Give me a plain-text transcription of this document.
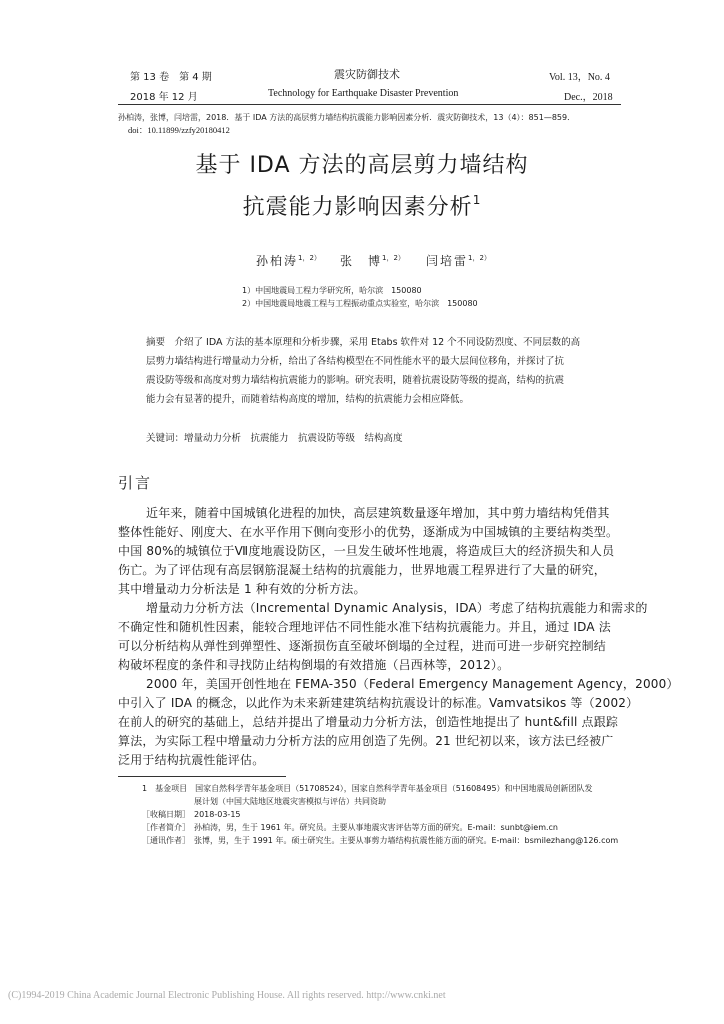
第 13 卷　第 4 期	震灾防御技术	Vol. 13，No. 4
2018 年 12 月	Technology for Earthquake Disaster Prevention	Dec.，2018
孙柏涛，张博，闫培雷，2018．基于 IDA 方法的高层剪力墙结构抗震能力影响因素分析．震灾防御技术，13（4）：851—859．
doi：10.11899/zzfy20180412
基于 IDA 方法的高层剪力墙结构
抗震能力影响因素分析$^1$
孙柏涛$^{1,2)}$ 张　博$^{1,2)}$ 闫培雷$^{1,2)}$
1）中国地震局工程力学研究所，哈尔滨　150080
2）中国地震局地震工程与工程振动重点实验室，哈尔滨　150080
摘要　介绍了 IDA 方法的基本原理和分析步骤，采用 Etabs 软件对 12 个不同设防烈度、不同层数的高
层剪力墙结构进行增量动力分析，给出了各结构模型在不同性能水平的最大层间位移角，并探讨了抗
震设防等级和高度对剪力墙结构抗震能力的影响。研究表明，随着抗震设防等级的提高，结构的抗震
能力会有显著的提升，而随着结构高度的增加，结构的抗震能力会相应降低。
关键词：增量动力分析　抗震能力　抗震设防等级　结构高度
引言
近年来，随着中国城镇化进程的加快，高层建筑数量逐年增加，其中剪力墙结构凭借其
整体性能好、刚度大、在水平作用下侧向变形小的优势，逐渐成为中国城镇的主要结构类型。
中国 80%的城镇位于Ⅶ度地震设防区，一旦发生破坏性地震，将造成巨大的经济损失和人员
伤亡。为了评估现有高层钢筋混凝土结构的抗震能力，世界地震工程界进行了大量的研究，
其中增量动力分析法是 1 种有效的分析方法。
增量动力分析方法（Incremental Dynamic Analysis，IDA）考虑了结构抗震能力和需求的
不确定性和随机性因素，能较合理地评估不同性能水准下结构抗震能力。并且，通过 IDA 法
可以分析结构从弹性到弹塑性、逐渐损伤直至破坏倒塌的全过程，进而可进一步研究控制结
构破坏程度的条件和寻找防止结构倒塌的有效措施（吕西林等，2012）。
2000 年，美国开创性地在 FEMA-350（Federal Emergency Management Agency，2000）
中引入了 IDA 的概念，以此作为未来新建建筑结构抗震设计的标准。Vamvatsikos 等（2002）
在前人的研究的基础上，总结并提出了增量动力分析方法，创造性地提出了 hunt&fill 点跟踪
算法，为实际工程中增量动力分析方法的应用创造了先例。21 世纪初以来，该方法已经被广
泛用于结构抗震性能评估。
1　基金项目　 国家自然科学青年基金项目（51708524），国家自然科学青年基金项目（51608495）和中国地震局创新团队发
展计划（中国大陆地区地震灾害模拟与评估）共同资助
［收稿日期］　 2018-03-15
［作者简介］　 孙柏涛，男，生于 1961 年。研究员。主要从事地震灾害评估等方面的研究。E-mail：sunbt@iem.cn
［通讯作者］　 张博，男，生于 1991 年。硕士研究生。主要从事剪力墙结构抗震性能方面的研究。E-mail：bsmilezhang@126.com
(C)1994-2019 China Academic Journal Electronic Publishing House. All rights reserved. http://www.cnki.net
